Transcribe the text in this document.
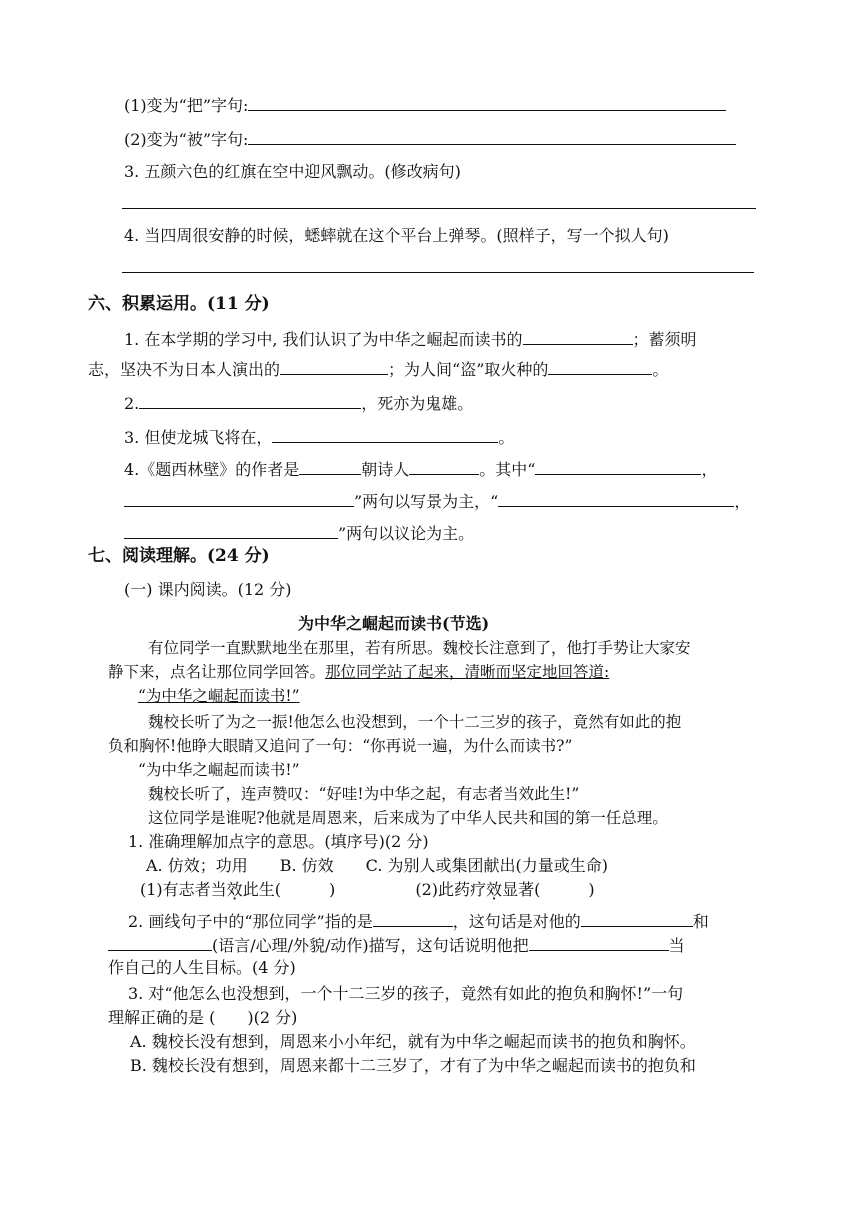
(1)变为“把”字句:
(2)变为“被”字句:
3. 五颜六色的红旗在空中迎风飘动。(修改病句)
4. 当四周很安静的时候，蟋蟀就在这个平台上弹琴。(照样子，写一个拟人句)
六、积累运用。(11 分)
1. 在本学期的学习中, 我们认识了为中华之崛起而读书的	；蓄须明
志，坚决不为日本人演出的	；为人间“盗”取火种的	。
2.	，死亦为鬼雄。
3. 但使龙城飞将在，	。
4.《题西林壁》的作者是	朝诗人	。其中“	，
”两句以写景为主，“	，
”两句以议论为主。
七、阅读理解。(24 分)
(一) 课内阅读。(12 分)
为中华之崛起而读书(节选)
有位同学一直默默地坐在那里，若有所思。魏校长注意到了，他打手势让大家安
静下来，点名让那位同学回答。那位同学站了起来，清晰而坚定地回答道:
“为中华之崛起而读书!”
魏校长听了为之一振!他怎么也没想到，一个十二三岁的孩子，竟然有如此的抱
负和胸怀!他睁大眼睛又追问了一句：“你再说一遍，为什么而读书?”
“为中华之崛起而读书!”
魏校长听了，连声赞叹：“好哇!为中华之起，有志者当效此生!”
这位同学是谁呢?他就是周恩来，后来成为了中华人民共和国的第一任总理。
1. 准确理解加点字的意思。(填序号)(2 分)
A. 仿效；功用　　B. 仿效　　C. 为别人或集团献出(力量或生命)
(1)有志者当效此生(	)	(2)此药疗效显著(	)
2. 画线句子中的“那位同学”指的是	，这句话是对他的	和
(语言/心理/外貌/动作)描写，这句话说明他把	当
作自己的人生目标。(4 分)
3. 对“他怎么也没想到，一个十二三岁的孩子，竟然有如此的抱负和胸怀!”一句
理解正确的是 (　　)(2 分)
A. 魏校长没有想到，周恩来小小年纪，就有为中华之崛起而读书的抱负和胸怀。
B. 魏校长没有想到，周恩来都十二三岁了，才有了为中华之崛起而读书的抱负和
